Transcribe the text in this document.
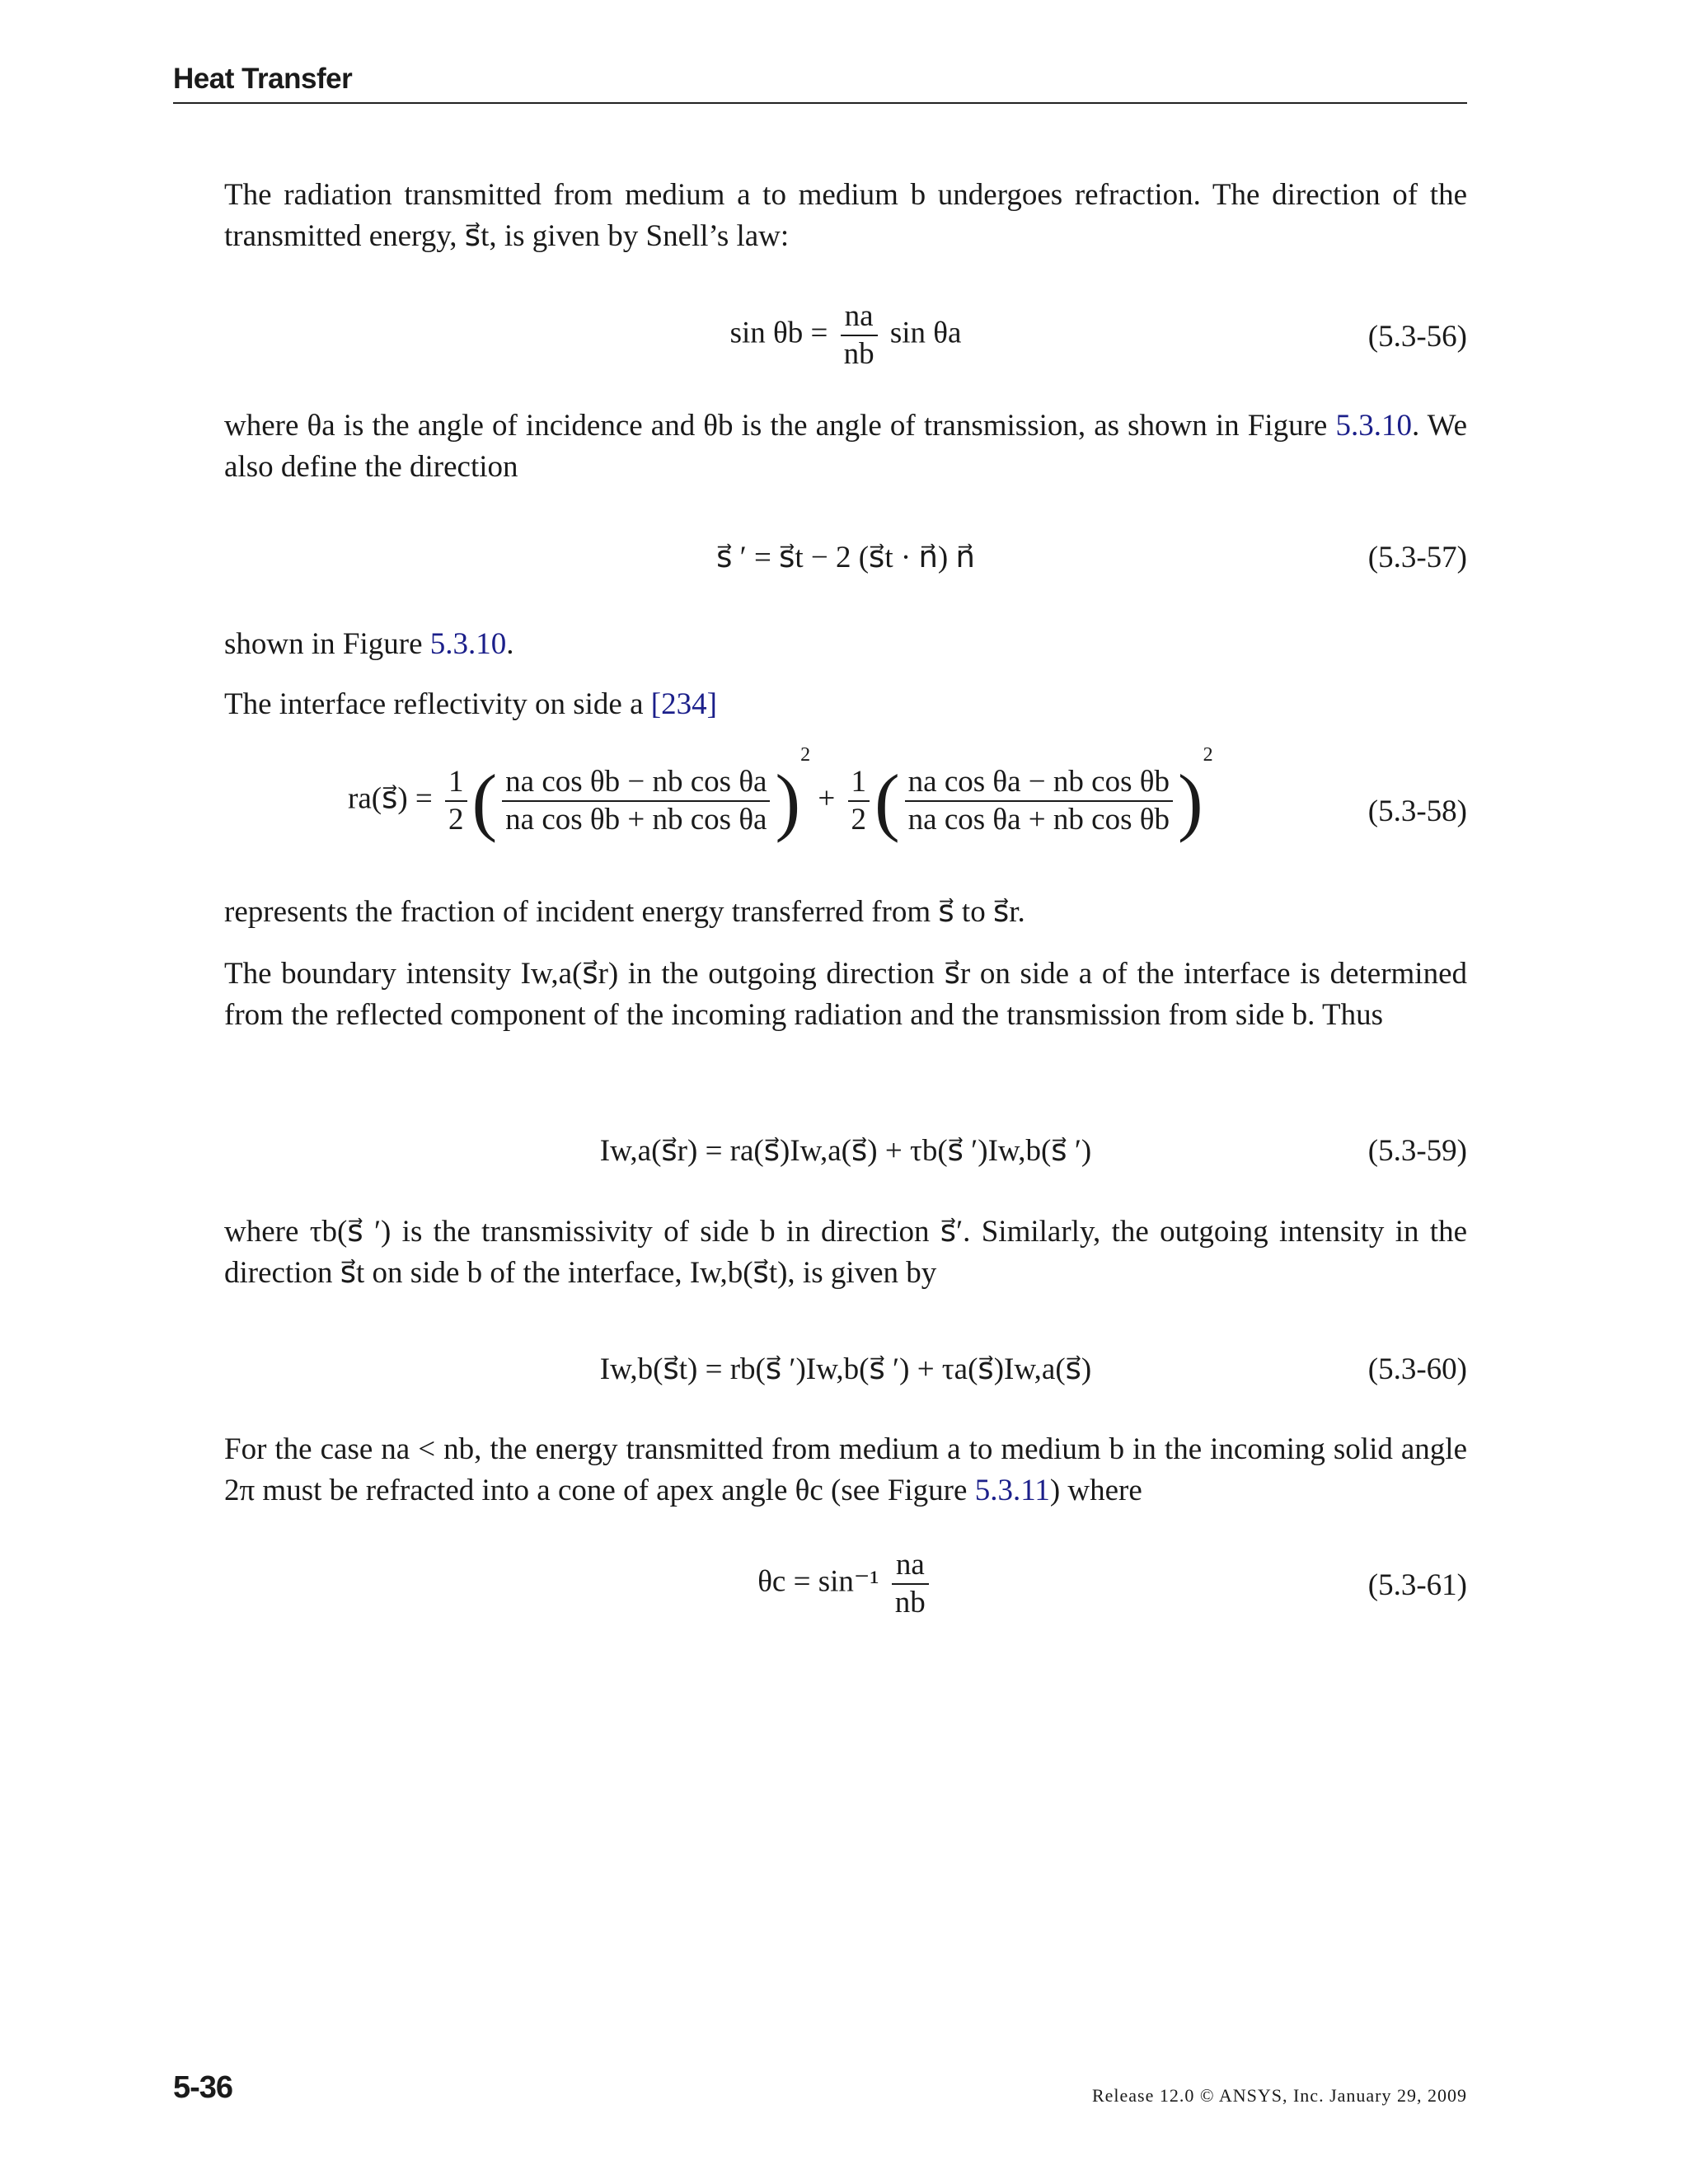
Heat Transfer

The radiation transmitted from medium a to medium b undergoes refraction. The direction of the transmitted energy, s⃗t, is given by Snell’s law:

$\sin \theta b = \frac{na}{nb}$ sin θa	(5.3-56)

where θa is the angle of incidence and θb is the angle of transmission, as shown in Figure 5.3.10. We also define the direction

s⃗ ′ = s⃗t − 2 (s⃗t · n⃗) n⃗	(5.3-57)

shown in Figure 5.3.10.

The interface reflectivity on side a [234]

ra(s⃗) = $\frac{1}{2}$ ( $\frac{\text{na cos θb − nb cos θa}}{\text{na cos θb + nb cos θa}} )^2 + \frac{1}{2}$ ( $\frac{\text{na cos θa − nb cos θb}}{\text{na cos θa + nb cos θb}} )^2$
(5.3-58)

represents the fraction of incident energy transferred from s⃗ to s⃗r.

The boundary intensity Iw,a(s⃗r) in the outgoing direction s⃗r on side a of the interface is determined from the reflected component of the incoming radiation and the transmission from side b. Thus

Iw,a(s⃗r) = ra(s⃗)Iw,a(s⃗) + τb(s⃗ ′)Iw,b(s⃗ ′)	(5.3-59)

where τb(s⃗ ′) is the transmissivity of side b in direction s⃗′. Similarly, the outgoing intensity in the direction s⃗t on side b of the interface, Iw,b(s⃗t), is given by

Iw,b(s⃗t) = rb(s⃗ ′)Iw,b(s⃗ ′) + τa(s⃗)Iw,a(s⃗)	(5.3-60)

For the case na < nb, the energy transmitted from medium a to medium b in the incoming solid angle 2π must be refracted into a cone of apex angle θc (see Figure 5.3.11) where

$\theta c = \sin^{-1} \frac{na}{nb}$	(5.3-61)
5-36	Release 12.0 © ANSYS, Inc. January 29, 2009
